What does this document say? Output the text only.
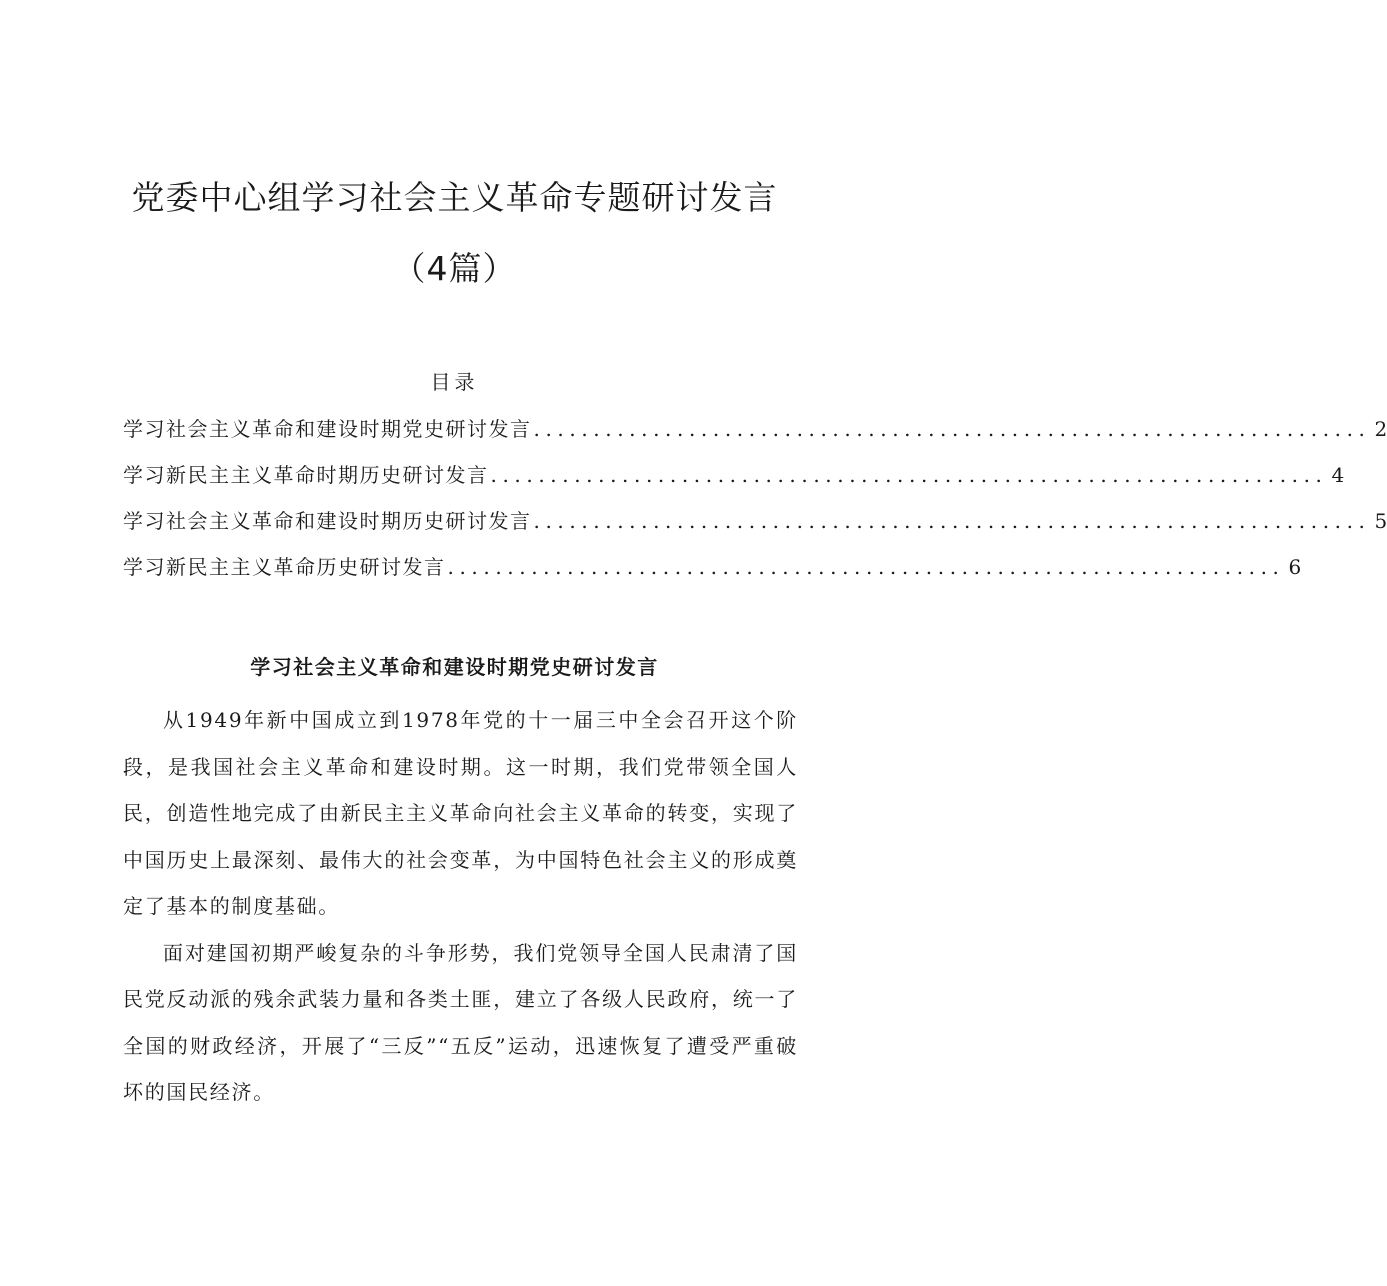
党委中心组学习社会主义革命专题研讨发言
（4篇）
目录
学习社会主义革命和建设时期党史研讨发言 ...................................................................... 2
学习新民主主义革命时期历史研讨发言 ...................................................................... 4
学习社会主义革命和建设时期历史研讨发言 ...................................................................... 5
学习新民主主义革命历史研讨发言 ...................................................................... 6
学习社会主义革命和建设时期党史研讨发言

从1949年新中国成立到1978年党的十一届三中全会召开这个阶段，是我国社会主义革命和建设时期。这一时期，我们党带领全国人民，创造性地完成了由新民主主义革命向社会主义革命的转变，实现了中国历史上最深刻、最伟大的社会变革，为中国特色社会主义的形成奠定了基本的制度基础。

面对建国初期严峻复杂的斗争形势，我们党领导全国人民肃清了国民党反动派的残余武装力量和各类土匪，建立了各级人民政府，统一了全国的财政经济，开展了“三反”“五反”运动，迅速恢复了遭受严重破坏的国民经济。
